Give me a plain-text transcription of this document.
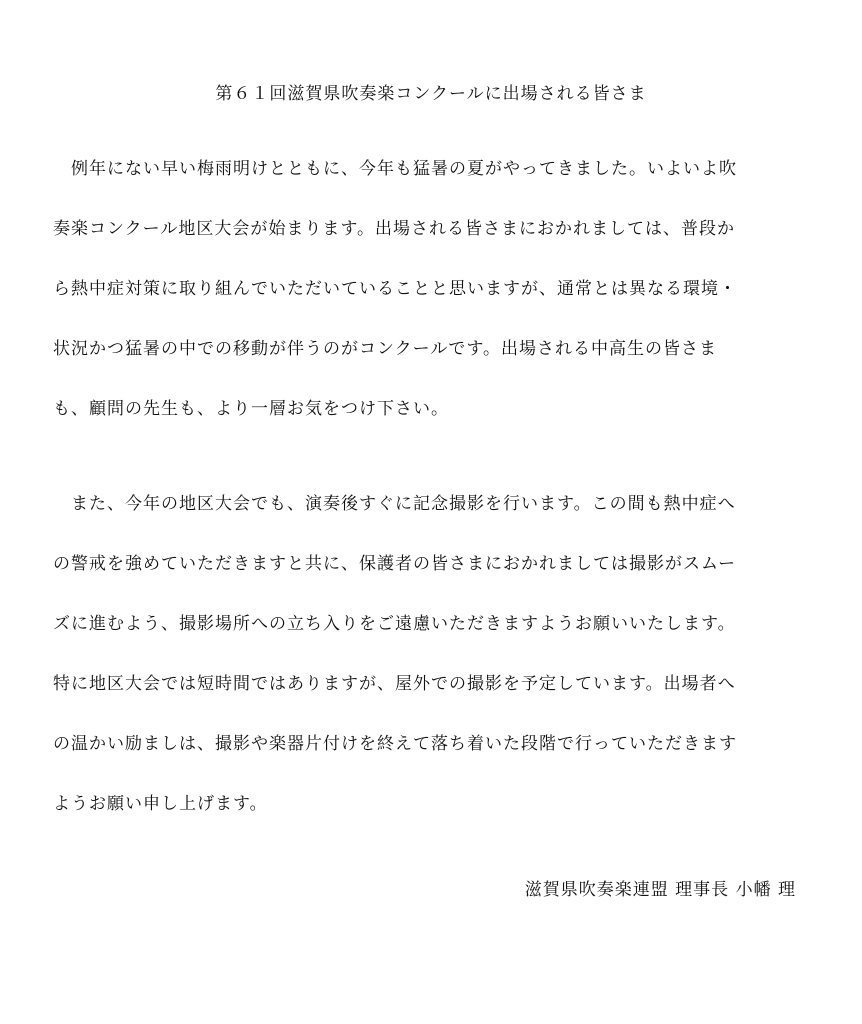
第６１回滋賀県吹奏楽コンクールに出場される皆さま
　例年にない早い梅雨明けとともに、今年も猛暑の夏がやってきました。いよいよ吹
奏楽コンクール地区大会が始まります。出場される皆さまにおかれましては、普段か
ら熱中症対策に取り組んでいただいていることと思いますが、通常とは異なる環境・
状況かつ猛暑の中での移動が伴うのがコンクールです。出場される中高生の皆さま
も、顧問の先生も、より一層お気をつけ下さい。
　また、今年の地区大会でも、演奏後すぐに記念撮影を行います。この間も熱中症へ
の警戒を強めていただきますと共に、保護者の皆さまにおかれましては撮影がスムー
ズに進むよう、撮影場所への立ち入りをご遠慮いただきますようお願いいたします。
特に地区大会では短時間ではありますが、屋外での撮影を予定しています。出場者へ
の温かい励ましは、撮影や楽器片付けを終えて落ち着いた段階で行っていただきます
ようお願い申し上げます。
滋賀県吹奏楽連盟 理事長 小幡 理
